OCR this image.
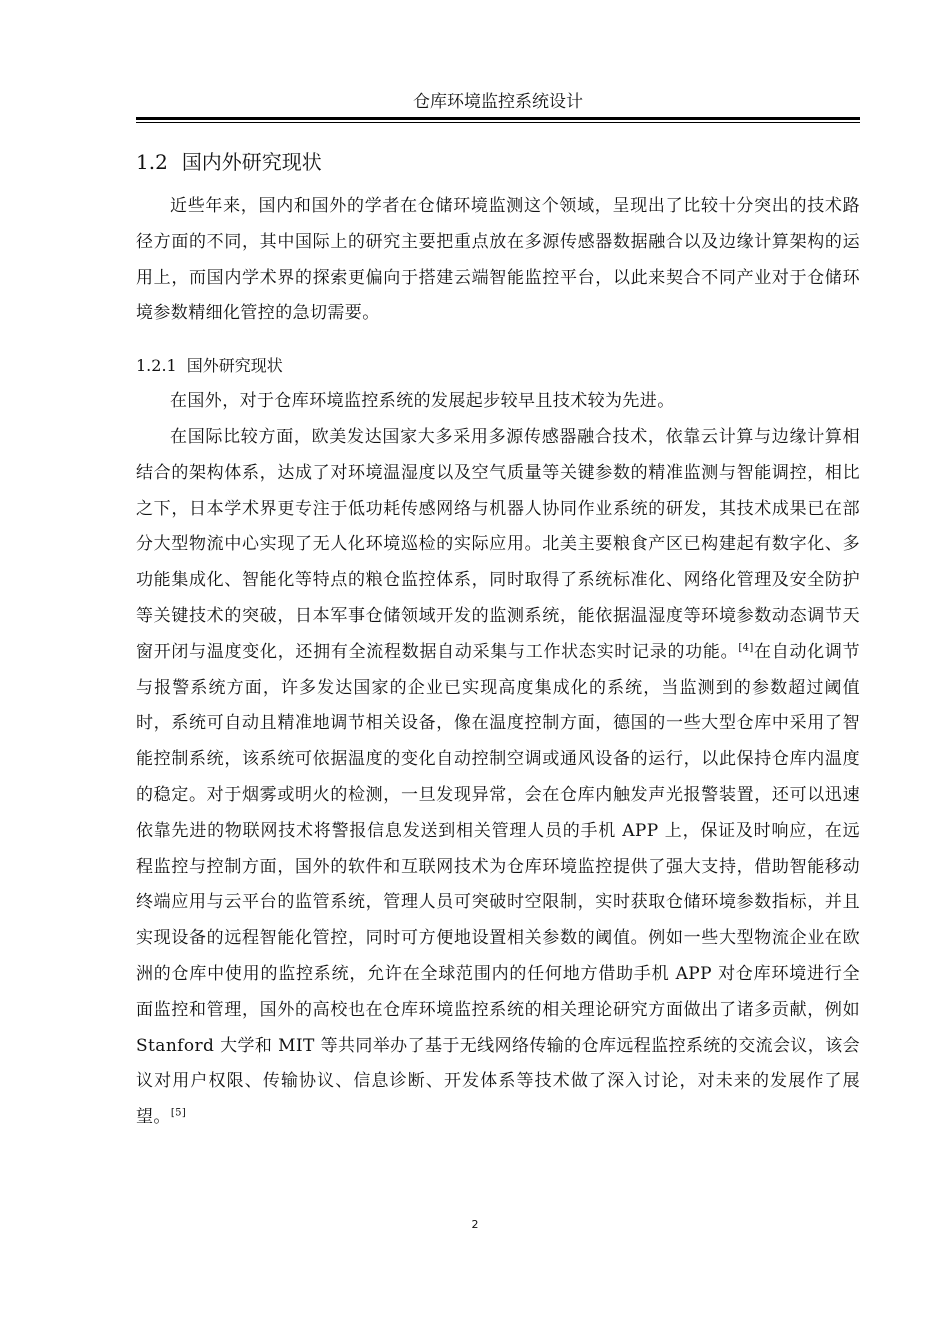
仓库环境监控系统设计
1.2 国内外研究现状

近些年来，国内和国外的学者在仓储环境监测这个领域，呈现出了比较十分突出的技术路径方面的不同，其中国际上的研究主要把重点放在多源传感器数据融合以及边缘计算架构的运用上，而国内学术界的探索更偏向于搭建云端智能监控平台，以此来契合不同产业对于仓储环境参数精细化管控的急切需要。

1.2.1 国外研究现状

在国外，对于仓库环境监控系统的发展起步较早且技术较为先进。

在国际比较方面，欧美发达国家大多采用多源传感器融合技术，依靠云计算与边缘计算相结合的架构体系，达成了对环境温湿度以及空气质量等关键参数的精准监测与智能调控，相比之下，日本学术界更专注于低功耗传感网络与机器人协同作业系统的研发，其技术成果已在部分大型物流中心实现了无人化环境巡检的实际应用。北美主要粮食产区已构建起有数字化、多功能集成化、智能化等特点的粮仓监控体系，同时取得了系统标准化、网络化管理及安全防护等关键技术的突破，日本军事仓储领域开发的监测系统，能依据温湿度等环境参数动态调节天窗开闭与温度变化，还拥有全流程数据自动采集与工作状态实时记录的功能。[4]在自动化调节与报警系统方面，许多发达国家的企业已实现高度集成化的系统，当监测到的参数超过阈值时，系统可自动且精准地调节相关设备，像在温度控制方面，德国的一些大型仓库中采用了智能控制系统，该系统可依据温度的变化自动控制空调或通风设备的运行，以此保持仓库内温度的稳定。对于烟雾或明火的检测，一旦发现异常，会在仓库内触发声光报警装置，还可以迅速依靠先进的物联网技术将警报信息发送到相关管理人员的手机 APP 上，保证及时响应，在远程监控与控制方面，国外的软件和互联网技术为仓库环境监控提供了强大支持，借助智能移动终端应用与云平台的监管系统，管理人员可突破时空限制，实时获取仓储环境参数指标，并且实现设备的远程智能化管控，同时可方便地设置相关参数的阈值。例如一些大型物流企业在欧洲的仓库中使用的监控系统，允许在全球范围内的任何地方借助手机 APP 对仓库环境进行全面监控和管理，国外的高校也在仓库环境监控系统的相关理论研究方面做出了诸多贡献，例如 Stanford 大学和 MIT 等共同举办了基于无线网络传输的仓库远程监控系统的交流会议，该会议对用户权限、传输协议、信息诊断、开发体系等技术做了深入讨论，对未来的发展作了展望。[5]

2
